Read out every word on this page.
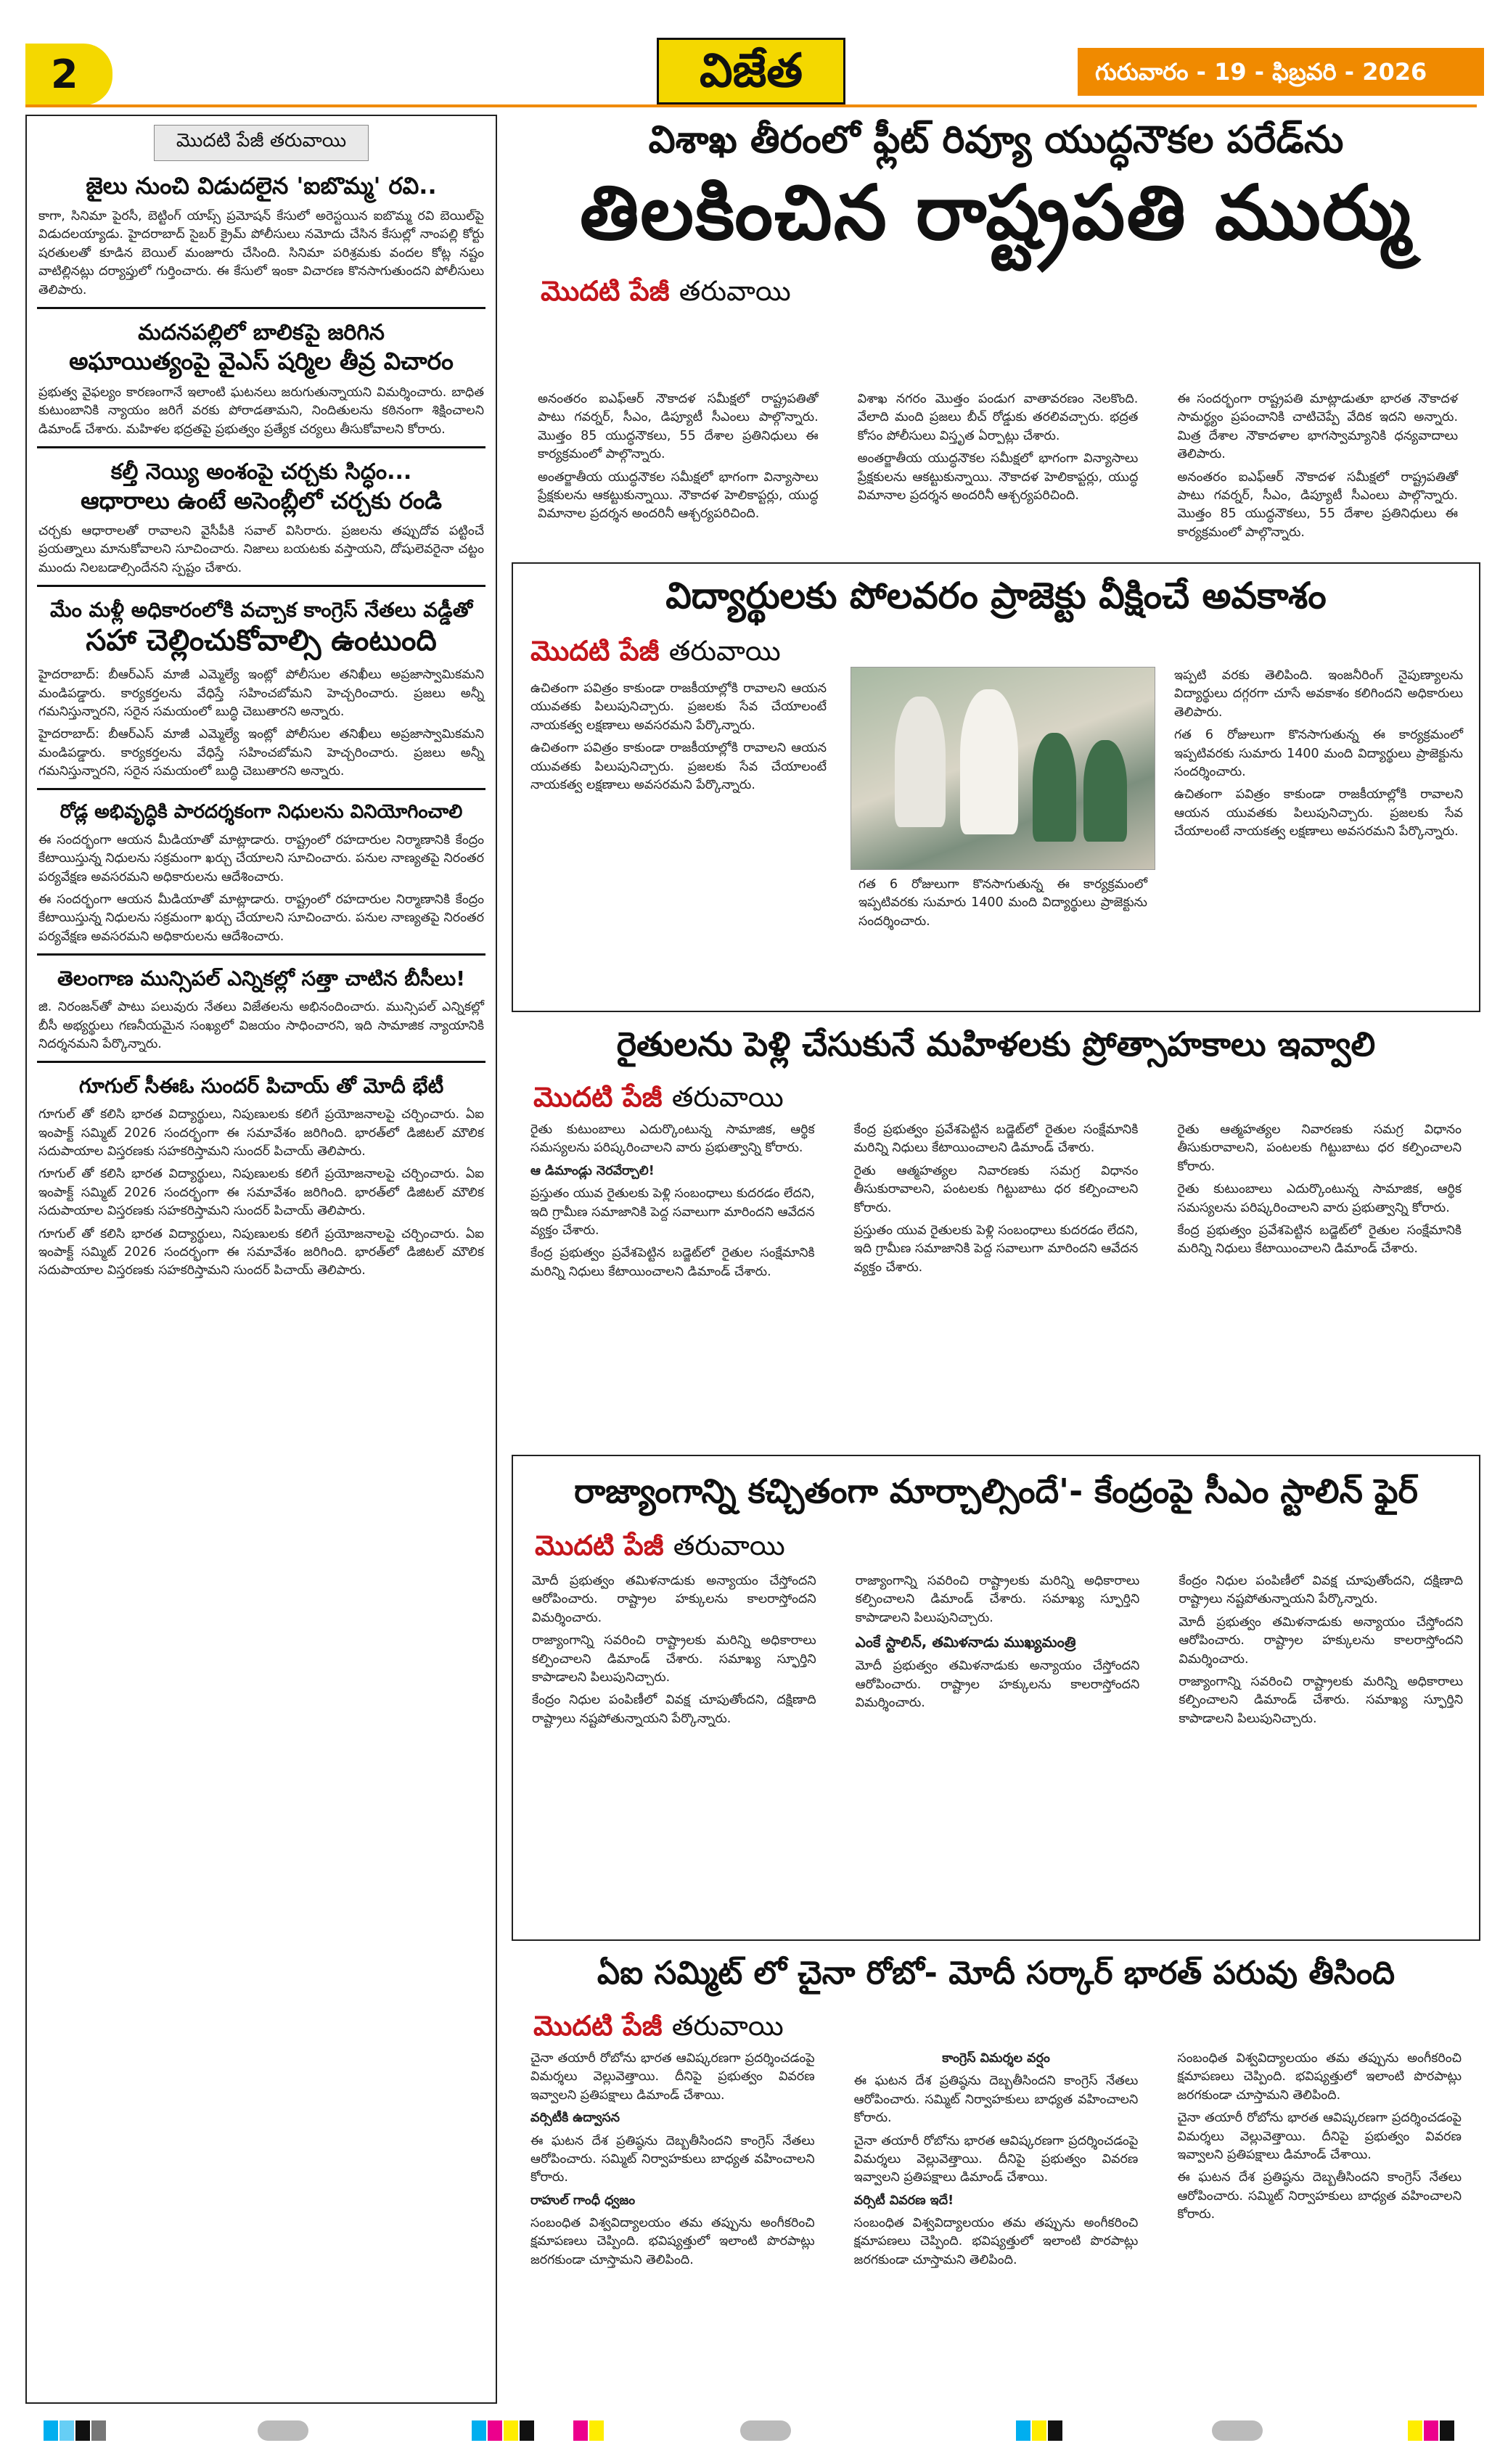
2	విజేత	గురువారం - 19 - ఫిబ్రవరి - 2026
మొదటి పేజీ తరువాయి
జైలు నుంచి విడుదలైన 'ఐబొమ్మ' రవి..

కాగా, సినిమా పైరసీ, బెట్టింగ్ యాప్స్ ప్రమోషన్ కేసులో అరెస్టయిన ఐబొమ్మ రవి బెయిల్‌పై విడుదలయ్యాడు. హైదరాబాద్ సైబర్ క్రైమ్ పోలీసులు నమోదు చేసిన కేసుల్లో నాంపల్లి కోర్టు షరతులతో కూడిన బెయిల్ మంజూరు చేసింది. సినిమా పరిశ్రమకు వందల కోట్ల నష్టం వాటిల్లినట్లు దర్యాప్తులో గుర్తించారు. ఈ కేసులో ఇంకా విచారణ కొనసాగుతుందని పోలీసులు తెలిపారు.

మదనపల్లిలో బాలికపై జరిగిన
అఘాయిత్యంపై వైఎస్ షర్మిల తీవ్ర విచారం

ప్రభుత్వ వైఫల్యం కారణంగానే ఇలాంటి ఘటనలు జరుగుతున్నాయని విమర్శించారు. బాధిత కుటుంబానికి న్యాయం జరిగే వరకు పోరాడతామని, నిందితులను కఠినంగా శిక్షించాలని డిమాండ్ చేశారు. మహిళల భద్రతపై ప్రభుత్వం ప్రత్యేక చర్యలు తీసుకోవాలని కోరారు.

కల్తీ నెయ్యి అంశంపై చర్చకు సిద్ధం...
ఆధారాలు ఉంటే అసెంబ్లీలో చర్చకు రండి

చర్చకు ఆధారాలతో రావాలని వైసీపీకి సవాల్ విసిరారు. ప్రజలను తప్పుదోవ పట్టించే ప్రయత్నాలు మానుకోవాలని సూచించారు. నిజాలు బయటకు వస్తాయని, దోషులెవరైనా చట్టం ముందు నిలబడాల్సిందేనని స్పష్టం చేశారు.

మేం మళ్లీ అధికారంలోకి వచ్చాక కాంగ్రెస్ నేతలు వడ్డీతో
సహా చెల్లించుకోవాల్సి ఉంటుంది

హైదరాబాద్: బీఆర్ఎస్ మాజీ ఎమ్మెల్యే ఇంట్లో పోలీసుల తనిఖీలు అప్రజాస్వామికమని మండిపడ్డారు. కార్యకర్తలను వేధిస్తే సహించబోమని హెచ్చరించారు. ప్రజలు అన్నీ గమనిస్తున్నారని, సరైన సమయంలో బుద్ధి చెబుతారని అన్నారు.

హైదరాబాద్: బీఆర్ఎస్ మాజీ ఎమ్మెల్యే ఇంట్లో పోలీసుల తనిఖీలు అప్రజాస్వామికమని మండిపడ్డారు. కార్యకర్తలను వేధిస్తే సహించబోమని హెచ్చరించారు. ప్రజలు అన్నీ గమనిస్తున్నారని, సరైన సమయంలో బుద్ధి చెబుతారని అన్నారు.

రోడ్ల అభివృద్ధికి పారదర్శకంగా నిధులను వినియోగించాలి

ఈ సందర్భంగా ఆయన మీడియాతో మాట్లాడారు. రాష్ట్రంలో రహదారుల నిర్మాణానికి కేంద్రం కేటాయిస్తున్న నిధులను సక్రమంగా ఖర్చు చేయాలని సూచించారు. పనుల నాణ్యతపై నిరంతర పర్యవేక్షణ అవసరమని అధికారులను ఆదేశించారు.

ఈ సందర్భంగా ఆయన మీడియాతో మాట్లాడారు. రాష్ట్రంలో రహదారుల నిర్మాణానికి కేంద్రం కేటాయిస్తున్న నిధులను సక్రమంగా ఖర్చు చేయాలని సూచించారు. పనుల నాణ్యతపై నిరంతర పర్యవేక్షణ అవసరమని అధికారులను ఆదేశించారు.

తెలంగాణ మున్సిపల్ ఎన్నికల్లో సత్తా చాటిన బీసీలు!

జి. నిరంజన్‌తో పాటు పలువురు నేతలు విజేతలను అభినందించారు. మున్సిపల్ ఎన్నికల్లో బీసీ అభ్యర్థులు గణనీయమైన సంఖ్యలో విజయం సాధించారని, ఇది సామాజిక న్యాయానికి నిదర్శనమని పేర్కొన్నారు.

గూగుల్ సీఈఓ సుందర్ పిచాయ్ తో మోదీ భేటీ

గూగుల్ తో కలిసి భారత విద్యార్థులు, నిపుణులకు కలిగే ప్రయోజనాలపై చర్చించారు. ఏఐ ఇంపాక్ట్ సమ్మిట్ 2026 సందర్భంగా ఈ సమావేశం జరిగింది. భారత్‌లో డిజిటల్ మౌలిక సదుపాయాల విస్తరణకు సహకరిస్తామని సుందర్ పిచాయ్ తెలిపారు.

గూగుల్ తో కలిసి భారత విద్యార్థులు, నిపుణులకు కలిగే ప్రయోజనాలపై చర్చించారు. ఏఐ ఇంపాక్ట్ సమ్మిట్ 2026 సందర్భంగా ఈ సమావేశం జరిగింది. భారత్‌లో డిజిటల్ మౌలిక సదుపాయాల విస్తరణకు సహకరిస్తామని సుందర్ పిచాయ్ తెలిపారు.

గూగుల్ తో కలిసి భారత విద్యార్థులు, నిపుణులకు కలిగే ప్రయోజనాలపై చర్చించారు. ఏఐ ఇంపాక్ట్ సమ్మిట్ 2026 సందర్భంగా ఈ సమావేశం జరిగింది. భారత్‌లో డిజిటల్ మౌలిక సదుపాయాల విస్తరణకు సహకరిస్తామని సుందర్ పిచాయ్ తెలిపారు.

విశాఖ తీరంలో ఫ్లీట్ రివ్యూ యుద్ధనౌకల పరేడ్‌ను
తిలకించిన రాష్ట్రపతి ముర్ము
మొదటి పేజీ తరువాయి

అనంతరం ఐఎఫ్ఆర్ నౌకాదళ సమీక్షలో రాష్ట్రపతితో పాటు గవర్నర్, సీఎం, డిప్యూటీ సీఎంలు పాల్గొన్నారు. మొత్తం 85 యుద్ధనౌకలు, 55 దేశాల ప్రతినిధులు ఈ కార్యక్రమంలో పాల్గొన్నారు.

అంతర్జాతీయ యుద్ధనౌకల సమీక్షలో భాగంగా విన్యాసాలు ప్రేక్షకులను ఆకట్టుకున్నాయి. నౌకాదళ హెలికాప్టర్లు, యుద్ధ విమానాల ప్రదర్శన అందరినీ ఆశ్చర్యపరిచింది.

విశాఖ నగరం మొత్తం పండుగ వాతావరణం నెలకొంది. వేలాది మంది ప్రజలు బీచ్ రోడ్డుకు తరలివచ్చారు. భద్రత కోసం పోలీసులు విస్తృత ఏర్పాట్లు చేశారు.

అంతర్జాతీయ యుద్ధనౌకల సమీక్షలో భాగంగా విన్యాసాలు ప్రేక్షకులను ఆకట్టుకున్నాయి. నౌకాదళ హెలికాప్టర్లు, యుద్ధ విమానాల ప్రదర్శన అందరినీ ఆశ్చర్యపరిచింది.

ఈ సందర్భంగా రాష్ట్రపతి మాట్లాడుతూ భారత నౌకాదళ సామర్థ్యం ప్రపంచానికి చాటిచెప్పే వేదిక ఇదని అన్నారు. మిత్ర దేశాల నౌకాదళాల భాగస్వామ్యానికి ధన్యవాదాలు తెలిపారు.

అనంతరం ఐఎఫ్ఆర్ నౌకాదళ సమీక్షలో రాష్ట్రపతితో పాటు గవర్నర్, సీఎం, డిప్యూటీ సీఎంలు పాల్గొన్నారు. మొత్తం 85 యుద్ధనౌకలు, 55 దేశాల ప్రతినిధులు ఈ కార్యక్రమంలో పాల్గొన్నారు.

విద్యార్థులకు పోలవరం ప్రాజెక్టు వీక్షించే అవకాశం
మొదటి పేజీ తరువాయి

ఉచితంగా పవిత్రం కాకుండా రాజకీయాల్లోకి రావాలని ఆయన యువతకు పిలుపునిచ్చారు. ప్రజలకు సేవ చేయాలంటే నాయకత్వ లక్షణాలు అవసరమని పేర్కొన్నారు.

ఉచితంగా పవిత్రం కాకుండా రాజకీయాల్లోకి రావాలని ఆయన యువతకు పిలుపునిచ్చారు. ప్రజలకు సేవ చేయాలంటే నాయకత్వ లక్షణాలు అవసరమని పేర్కొన్నారు.

గత 6 రోజులుగా కొనసాగుతున్న ఈ కార్యక్రమంలో ఇప్పటివరకు సుమారు 1400 మంది విద్యార్థులు ప్రాజెక్టును సందర్శించారు.

ఇప్పటి వరకు తెలిపింది. ఇంజనీరింగ్ నైపుణ్యాలను విద్యార్థులు దగ్గరగా చూసే అవకాశం కలిగిందని అధికారులు తెలిపారు.

గత 6 రోజులుగా కొనసాగుతున్న ఈ కార్యక్రమంలో ఇప్పటివరకు సుమారు 1400 మంది విద్యార్థులు ప్రాజెక్టును సందర్శించారు.

ఉచితంగా పవిత్రం కాకుండా రాజకీయాల్లోకి రావాలని ఆయన యువతకు పిలుపునిచ్చారు. ప్రజలకు సేవ చేయాలంటే నాయకత్వ లక్షణాలు అవసరమని పేర్కొన్నారు.

రైతులను పెళ్లి చేసుకునే మహిళలకు ప్రోత్సాహకాలు ఇవ్వాలి
మొదటి పేజీ తరువాయి

రైతు కుటుంబాలు ఎదుర్కొంటున్న సామాజిక, ఆర్థిక సమస్యలను పరిష్కరించాలని వారు ప్రభుత్వాన్ని కోరారు.

ఆ డిమాండ్లు నెరవేర్చాలి!

ప్రస్తుతం యువ రైతులకు పెళ్లి సంబంధాలు కుదరడం లేదని, ఇది గ్రామీణ సమాజానికి పెద్ద సవాలుగా మారిందని ఆవేదన వ్యక్తం చేశారు.

కేంద్ర ప్రభుత్వం ప్రవేశపెట్టిన బడ్జెట్‌లో రైతుల సంక్షేమానికి మరిన్ని నిధులు కేటాయించాలని డిమాండ్ చేశారు.

కేంద్ర ప్రభుత్వం ప్రవేశపెట్టిన బడ్జెట్‌లో రైతుల సంక్షేమానికి మరిన్ని నిధులు కేటాయించాలని డిమాండ్ చేశారు.

రైతు ఆత్మహత్యల నివారణకు సమగ్ర విధానం తీసుకురావాలని, పంటలకు గిట్టుబాటు ధర కల్పించాలని కోరారు.

ప్రస్తుతం యువ రైతులకు పెళ్లి సంబంధాలు కుదరడం లేదని, ఇది గ్రామీణ సమాజానికి పెద్ద సవాలుగా మారిందని ఆవేదన వ్యక్తం చేశారు.

రైతు ఆత్మహత్యల నివారణకు సమగ్ర విధానం తీసుకురావాలని, పంటలకు గిట్టుబాటు ధర కల్పించాలని కోరారు.

రైతు కుటుంబాలు ఎదుర్కొంటున్న సామాజిక, ఆర్థిక సమస్యలను పరిష్కరించాలని వారు ప్రభుత్వాన్ని కోరారు.

కేంద్ర ప్రభుత్వం ప్రవేశపెట్టిన బడ్జెట్‌లో రైతుల సంక్షేమానికి మరిన్ని నిధులు కేటాయించాలని డిమాండ్ చేశారు.

రాజ్యాంగాన్ని కచ్చితంగా మార్చాల్సిందే'- కేంద్రంపై సీఎం స్టాలిన్ ఫైర్
మొదటి పేజీ తరువాయి

మోదీ ప్రభుత్వం తమిళనాడుకు అన్యాయం చేస్తోందని ఆరోపించారు. రాష్ట్రాల హక్కులను కాలరాస్తోందని విమర్శించారు.

రాజ్యాంగాన్ని సవరించి రాష్ట్రాలకు మరిన్ని అధికారాలు కల్పించాలని డిమాండ్ చేశారు. సమాఖ్య స్ఫూర్తిని కాపాడాలని పిలుపునిచ్చారు.

కేంద్రం నిధుల పంపిణీలో వివక్ష చూపుతోందని, దక్షిణాది రాష్ట్రాలు నష్టపోతున్నాయని పేర్కొన్నారు.

రాజ్యాంగాన్ని సవరించి రాష్ట్రాలకు మరిన్ని అధికారాలు కల్పించాలని డిమాండ్ చేశారు. సమాఖ్య స్ఫూర్తిని కాపాడాలని పిలుపునిచ్చారు.

ఎంకే స్టాలిన్, తమిళనాడు ముఖ్యమంత్రి

మోదీ ప్రభుత్వం తమిళనాడుకు అన్యాయం చేస్తోందని ఆరోపించారు. రాష్ట్రాల హక్కులను కాలరాస్తోందని విమర్శించారు.

కేంద్రం నిధుల పంపిణీలో వివక్ష చూపుతోందని, దక్షిణాది రాష్ట్రాలు నష్టపోతున్నాయని పేర్కొన్నారు.

మోదీ ప్రభుత్వం తమిళనాడుకు అన్యాయం చేస్తోందని ఆరోపించారు. రాష్ట్రాల హక్కులను కాలరాస్తోందని విమర్శించారు.

రాజ్యాంగాన్ని సవరించి రాష్ట్రాలకు మరిన్ని అధికారాలు కల్పించాలని డిమాండ్ చేశారు. సమాఖ్య స్ఫూర్తిని కాపాడాలని పిలుపునిచ్చారు.

ఏఐ సమ్మిట్ లో చైనా రోబో- మోదీ సర్కార్ భారత్ పరువు తీసింది
మొదటి పేజీ తరువాయి

చైనా తయారీ రోబోను భారత ఆవిష్కరణగా ప్రదర్శించడంపై విమర్శలు వెల్లువెత్తాయి. దీనిపై ప్రభుత్వం వివరణ ఇవ్వాలని ప్రతిపక్షాలు డిమాండ్ చేశాయి.

వర్సిటీకి ఉద్వాసన

ఈ ఘటన దేశ ప్రతిష్ఠను దెబ్బతీసిందని కాంగ్రెస్ నేతలు ఆరోపించారు. సమ్మిట్ నిర్వాహకులు బాధ్యత వహించాలని కోరారు.

రాహుల్ గాంధీ ధ్వజం

సంబంధిత విశ్వవిద్యాలయం తమ తప్పును అంగీకరించి క్షమాపణలు చెప్పింది. భవిష్యత్తులో ఇలాంటి పొరపాట్లు జరగకుండా చూస్తామని తెలిపింది.

కాంగ్రెస్ విమర్శల వర్షం

ఈ ఘటన దేశ ప్రతిష్ఠను దెబ్బతీసిందని కాంగ్రెస్ నేతలు ఆరోపించారు. సమ్మిట్ నిర్వాహకులు బాధ్యత వహించాలని కోరారు.

చైనా తయారీ రోబోను భారత ఆవిష్కరణగా ప్రదర్శించడంపై విమర్శలు వెల్లువెత్తాయి. దీనిపై ప్రభుత్వం వివరణ ఇవ్వాలని ప్రతిపక్షాలు డిమాండ్ చేశాయి.

వర్సిటీ వివరణ ఇదే!

సంబంధిత విశ్వవిద్యాలయం తమ తప్పును అంగీకరించి క్షమాపణలు చెప్పింది. భవిష్యత్తులో ఇలాంటి పొరపాట్లు జరగకుండా చూస్తామని తెలిపింది.

సంబంధిత విశ్వవిద్యాలయం తమ తప్పును అంగీకరించి క్షమాపణలు చెప్పింది. భవిష్యత్తులో ఇలాంటి పొరపాట్లు జరగకుండా చూస్తామని తెలిపింది.

చైనా తయారీ రోబోను భారత ఆవిష్కరణగా ప్రదర్శించడంపై విమర్శలు వెల్లువెత్తాయి. దీనిపై ప్రభుత్వం వివరణ ఇవ్వాలని ప్రతిపక్షాలు డిమాండ్ చేశాయి.

ఈ ఘటన దేశ ప్రతిష్ఠను దెబ్బతీసిందని కాంగ్రెస్ నేతలు ఆరోపించారు. సమ్మిట్ నిర్వాహకులు బాధ్యత వహించాలని కోరారు.
